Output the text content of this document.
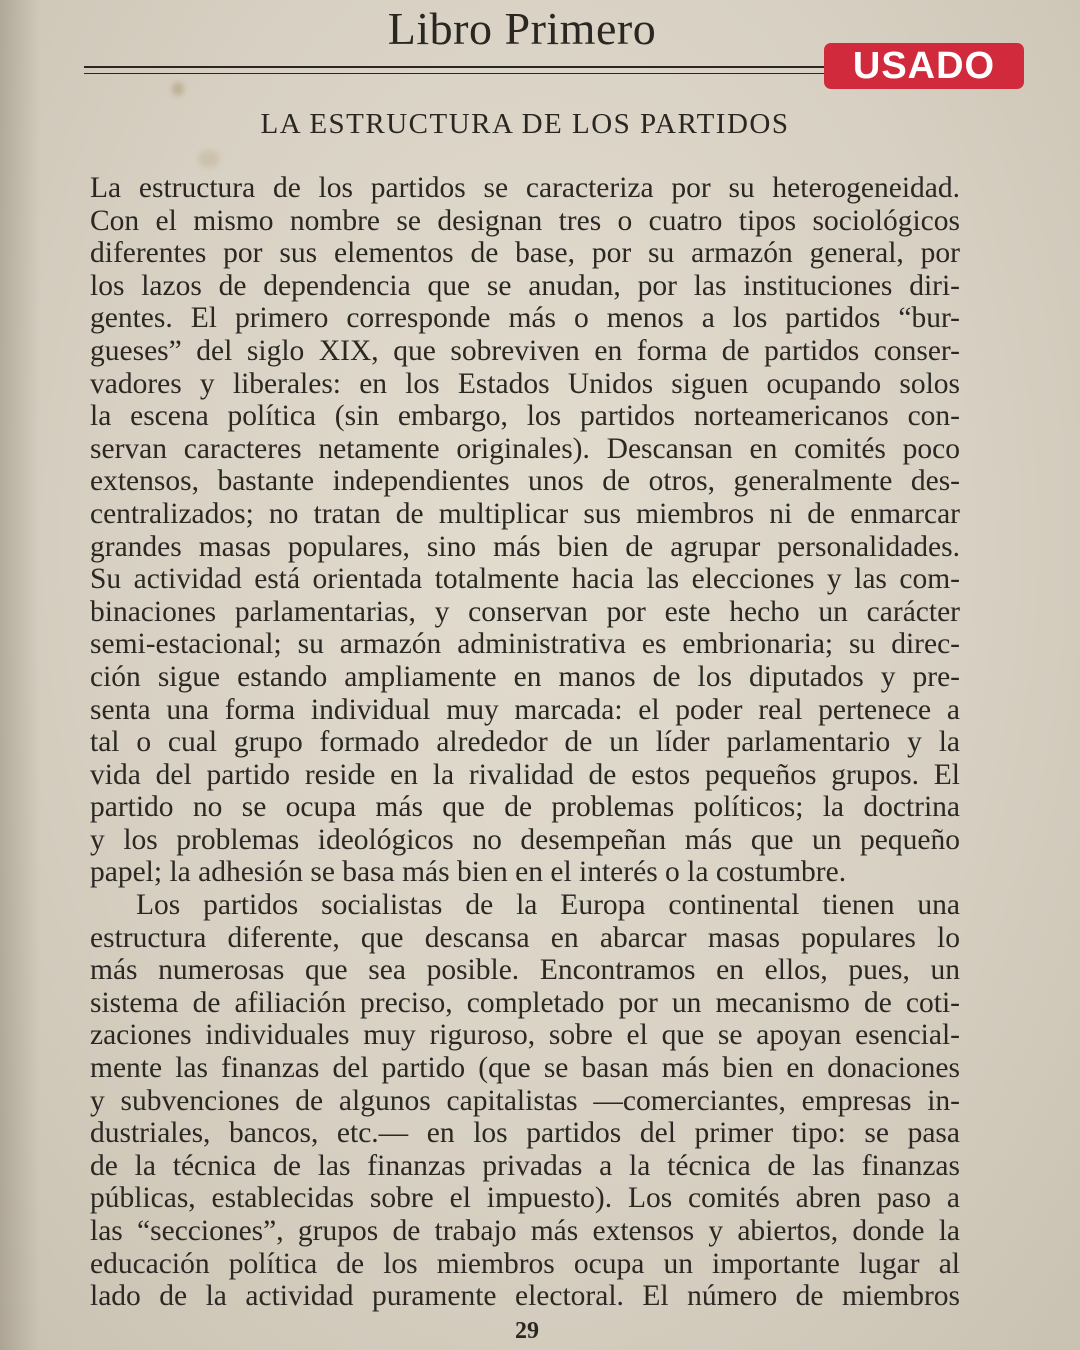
Libro Primero
USADO
LA ESTRUCTURA DE LOS PARTIDOS
La estructura de los partidos se caracteriza por su heterogeneidad.
Con el mismo nombre se designan tres o cuatro tipos sociológicos
diferentes por sus elementos de base, por su armazón general, por
los lazos de dependencia que se anudan, por las instituciones diri-
gentes. El primero corresponde más o menos a los partidos “bur-
gueses” del siglo XIX, que sobreviven en forma de partidos conser-
vadores y liberales: en los Estados Unidos siguen ocupando solos
la escena política (sin embargo, los partidos norteamericanos con-
servan caracteres netamente originales). Descansan en comités poco
extensos, bastante independientes unos de otros, generalmente des-
centralizados; no tratan de multiplicar sus miembros ni de enmarcar
grandes masas populares, sino más bien de agrupar personalidades.
Su actividad está orientada totalmente hacia las elecciones y las com-
binaciones parlamentarias, y conservan por este hecho un carácter
semi-estacional; su armazón administrativa es embrionaria; su direc-
ción sigue estando ampliamente en manos de los diputados y pre-
senta una forma individual muy marcada: el poder real pertenece a
tal o cual grupo formado alrededor de un líder parlamentario y la
vida del partido reside en la rivalidad de estos pequeños grupos. El
partido no se ocupa más que de problemas políticos; la doctrina
y los problemas ideológicos no desempeñan más que un pequeño
papel; la adhesión se basa más bien en el interés o la costumbre.
Los partidos socialistas de la Europa continental tienen una
estructura diferente, que descansa en abarcar masas populares lo
más numerosas que sea posible. Encontramos en ellos, pues, un
sistema de afiliación preciso, completado por un mecanismo de coti-
zaciones individuales muy riguroso, sobre el que se apoyan esencial-
mente las finanzas del partido (que se basan más bien en donaciones
y subvenciones de algunos capitalistas —comerciantes, empresas in-
dustriales, bancos, etc.— en los partidos del primer tipo: se pasa
de la técnica de las finanzas privadas a la técnica de las finanzas
públicas, establecidas sobre el impuesto). Los comités abren paso a
las “secciones”, grupos de trabajo más extensos y abiertos, donde la
educación política de los miembros ocupa un importante lugar al
lado de la actividad puramente electoral. El número de miembros
29
